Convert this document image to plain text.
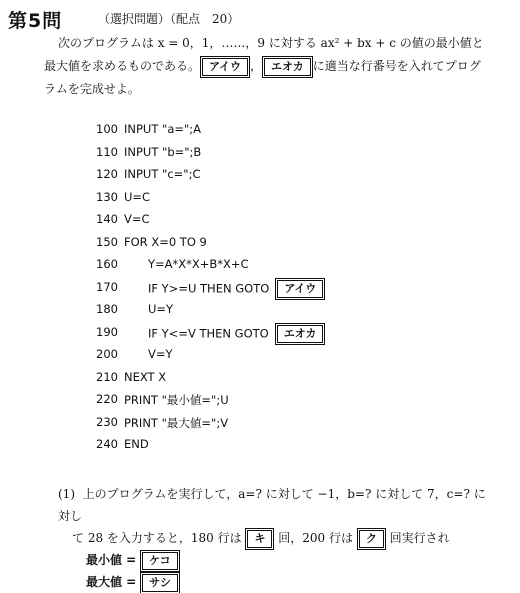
第5問	（選択問題）（配点　20）
次のプログラムは x = 0，1，……，9 に対する ax² + bx + c の値の最小値と
最大値を求めるものである。 アイウ ， エオカ に適当な行番号を入れてプログ
ラムを完成せよ。
100 INPUT "a=";A
110 INPUT "b=";B
120 INPUT "c=";C
130 U=C
140 V=C
150 FOR X=0 TO 9
160	Y=A*X*X+B*X+C
170	IF Y>=U THEN GOTO アイウ
180	U=Y
190	IF Y<=V THEN GOTO エオカ
200	V=Y
210 NEXT X
220 PRINT "最小値=";U
230 PRINT "最大値=";V
240 END
(1) 上のプログラムを実行して，a=? に対して −1，b=? に対して 7，c=? に対し
て 28 を入力すると，180 行は キ 回，200 行は ク 回実行され
最小値 = ケコ
最大値 = サシ
